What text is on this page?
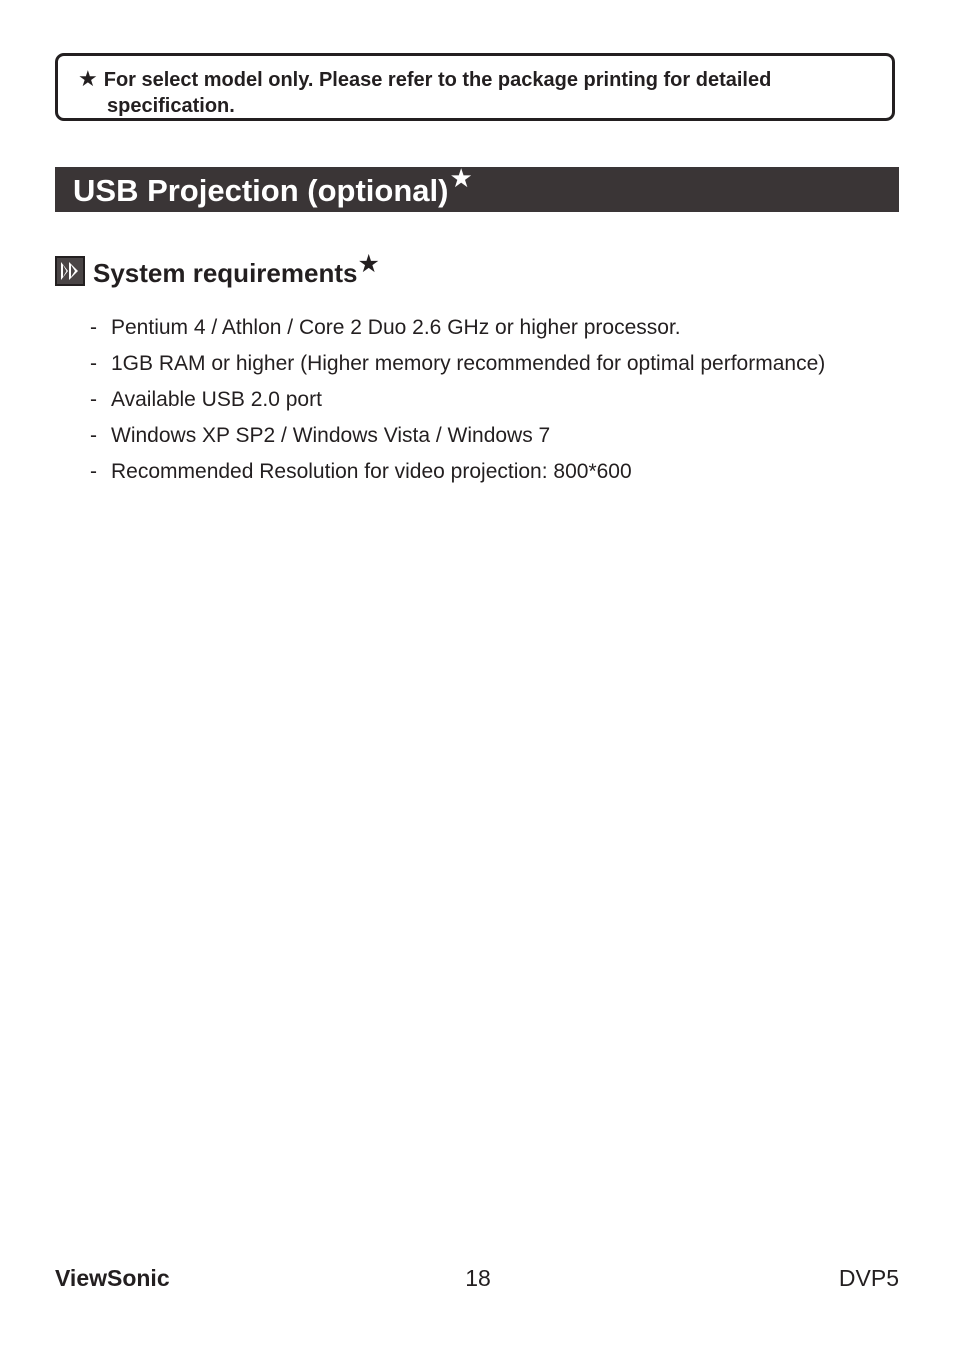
★ For select model only. Please refer to the package printing for detailed

specification.

USB Projection (optional)★
System requirements ★
- Pentium 4 / Athlon / Core 2 Duo 2.6 GHz or higher processor.
- 1GB RAM or higher (Higher memory recommended for optimal performance)
- Available USB 2.0 port
- Windows XP SP2 / Windows Vista / Windows 7
- Recommended Resolution for video projection: 800*600
ViewSonic	18	DVP5
